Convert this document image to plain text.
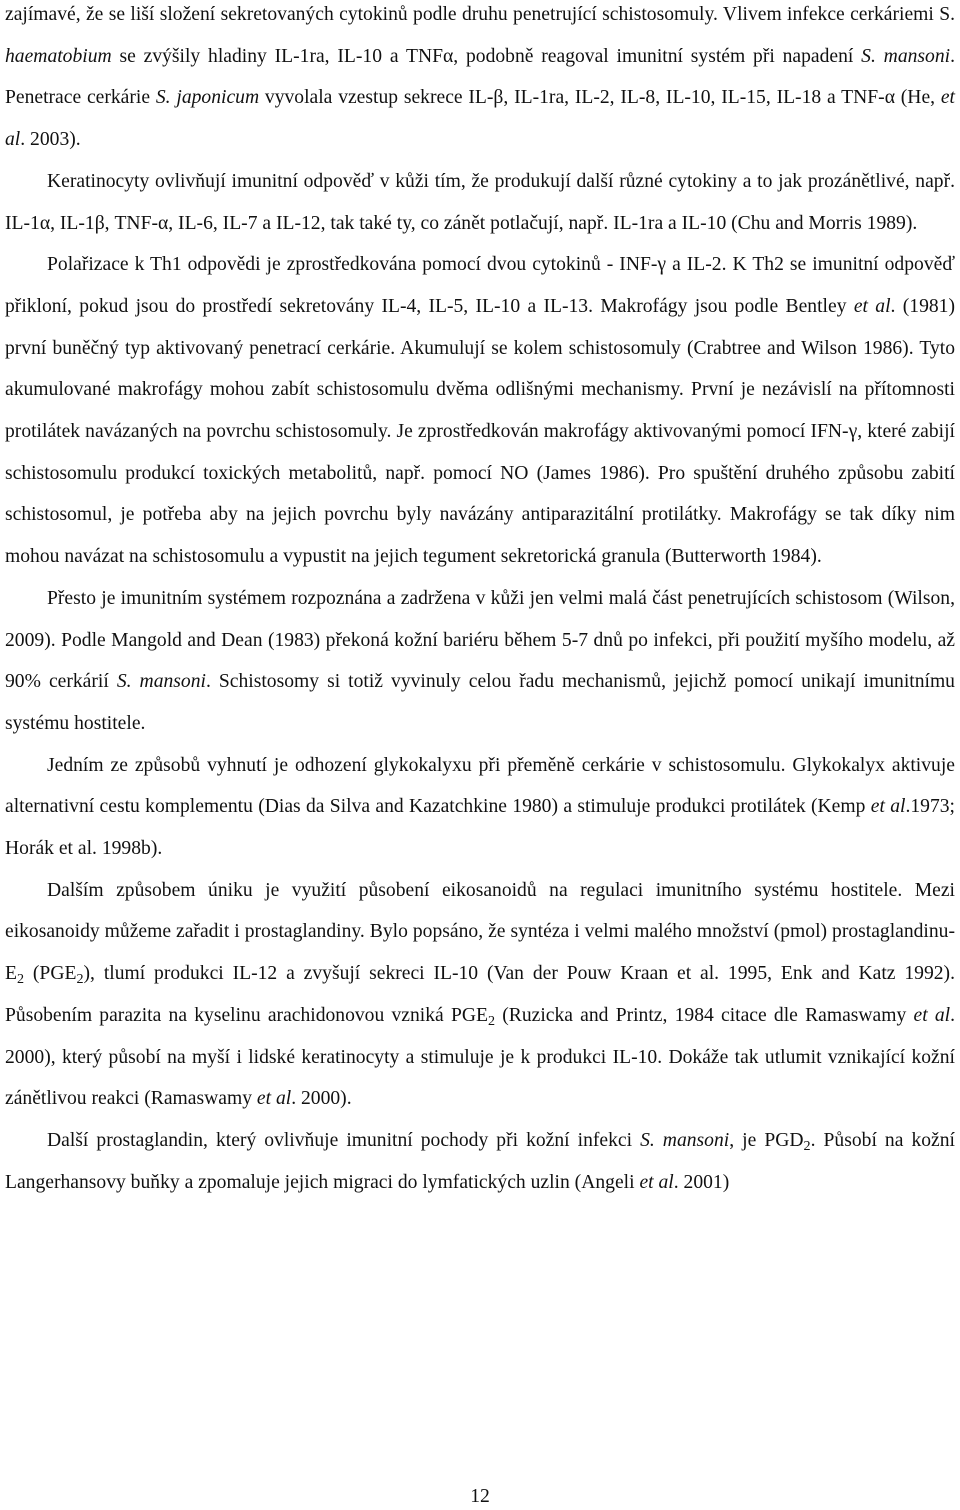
zajímavé, že se liší složení sekretovaných cytokinů podle druhu penetrující schistosomuly. Vlivem infekce cerkáriemi S. haematobium se zvýšily hladiny IL-1ra, IL-10 a TNFα, podobně reagoval imunitní systém při napadení S. mansoni. Penetrace cerkárie S. japonicum vyvolala vzestup sekrece IL-β, IL-1ra, IL-2, IL-8, IL-10, IL-15, IL-18 a TNF-α (He, et al. 2003).

Keratinocyty ovlivňují imunitní odpověď v kůži tím, že produkují další různé cytokiny a to jak prozánětlivé, např. IL-1α, IL-1β, TNF-α, IL-6, IL-7 a IL-12, tak také ty, co zánět potlačují, např. IL-1ra a IL-10 (Chu and Morris 1989).

Polařizace k Th1 odpovědi je zprostředkována pomocí dvou cytokinů - INF-γ a IL-2. K Th2 se imunitní odpověď přikloní, pokud jsou do prostředí sekretovány IL-4, IL-5, IL-10 a IL-13. Makrofágy jsou podle Bentley et al. (1981) první buněčný typ aktivovaný penetrací cerkárie. Akumulují se kolem schistosomuly (Crabtree and Wilson 1986). Tyto akumulované makrofágy mohou zabít schistosomulu dvěma odlišnými mechanismy. První je nezávislí na přítomnosti protilátek navázaných na povrchu schistosomuly. Je zprostředkován makrofágy aktivovanými pomocí IFN-γ, které zabijí schistosomulu produkcí toxických metabolitů, např. pomocí NO (James 1986). Pro spuštění druhého způsobu zabití schistosomul, je potřeba aby na jejich povrchu byly navázány antiparazitální protilátky. Makrofágy se tak díky nim mohou navázat na schistosomulu a vypustit na jejich tegument sekretorická granula (Butterworth 1984).

Přesto je imunitním systémem rozpoznána a zadržena v kůži jen velmi malá část penetrujících schistosom (Wilson, 2009). Podle Mangold and Dean (1983) překoná kožní bariéru během 5-7 dnů po infekci, při použití myšího modelu, až 90% cerkárií S. mansoni. Schistosomy si totiž vyvinuly celou řadu mechanismů, jejichž pomocí unikají imunitnímu systému hostitele.

Jedním ze způsobů vyhnutí je odhození glykokalyxu při přeměně cerkárie v schistosomulu. Glykokalyx aktivuje alternativní cestu komplementu (Dias da Silva and Kazatchkine 1980) a stimuluje produkci protilátek (Kemp et al.1973; Horák et al. 1998b).

Dalším způsobem úniku je využití působení eikosanoidů na regulaci imunitního systému hostitele. Mezi eikosanoidy můžeme zařadit i prostaglandiny. Bylo popsáno, že syntéza i velmi malého množství (pmol) prostaglandinu-$E_2$ $(PGE_2)$, tlumí produkci IL-12 a zvyšují sekreci IL-10 (Van der Pouw Kraan et al. 1995, Enk and Katz 1992). Působením parazita na kyselinu arachidonovou vzniká $PGE_2$ (Ruzicka and Printz, 1984 citace dle Ramaswamy et al. 2000), který působí na myší i lidské keratinocyty a stimuluje je k produkci IL-10. Dokáže tak utlumit vznikající kožní zánětlivou reakci (Ramaswamy et al. 2000).

Další prostaglandin, který ovlivňuje imunitní pochody při kožní infekci S. mansoni, je $PGD_2$. Působí na kožní Langerhansovy buňky a zpomaluje jejich migraci do lymfatických uzlin (Angeli et al. 2001)

12
